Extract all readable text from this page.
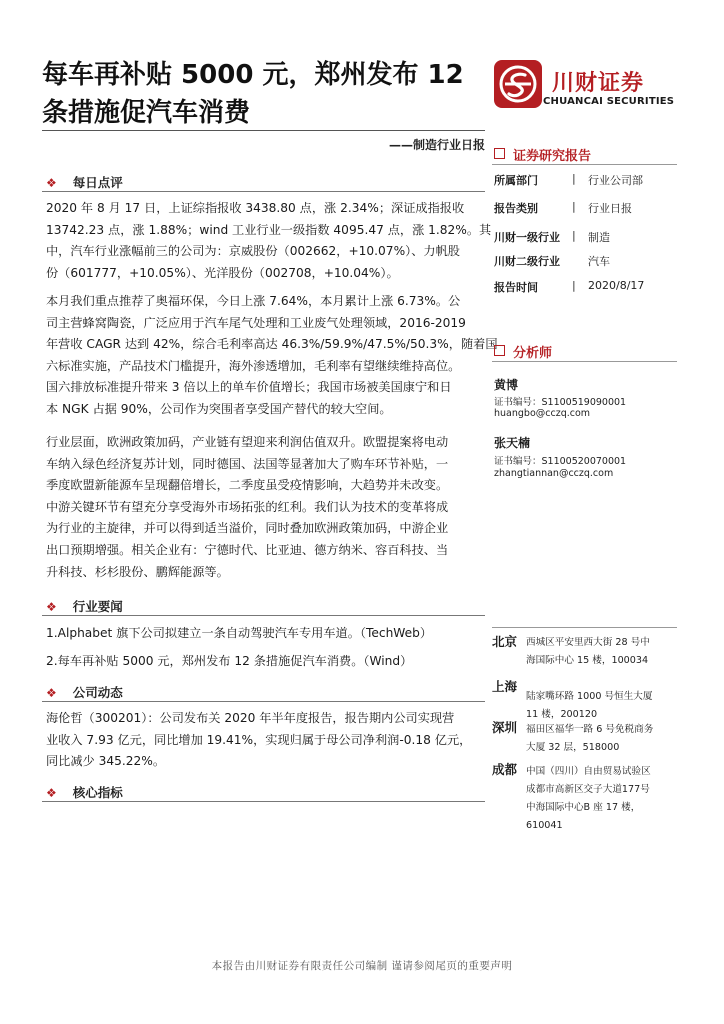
每车再补贴 5000 元，郑州发布 12
条措施促汽车消费
川财证券
CHUANCAI SECURITIES
——制造行业日报
❖ 每日点评
2020 年 8 月 17 日，上证综指报收 3438.80 点，涨 2.34%；深证成指报收
13742.23 点，涨 1.88%；wind 工业行业一级指数 4095.47 点，涨 1.82%。其
中，汽车行业涨幅前三的公司为：京威股份（002662，+10.07%）、力帆股
份（601777，+10.05%）、光洋股份（002708，+10.04%）。
本月我们重点推荐了奥福环保，今日上涨 7.64%，本月累计上涨 6.73%。公
司主营蜂窝陶瓷，广泛应用于汽车尾气处理和工业废气处理领域，2016-2019
年营收 CAGR 达到 42%，综合毛利率高达 46.3%/59.9%/47.5%/50.3%，随着国
六标准实施，产品技术门槛提升，海外渗透增加，毛利率有望继续维持高位。
国六排放标准提升带来 3 倍以上的单车价值增长；我国市场被美国康宁和日
本 NGK 占据 90%，公司作为突围者享受国产替代的较大空间。
行业层面，欧洲政策加码，产业链有望迎来利润估值双升。欧盟提案将电动
车纳入绿色经济复苏计划，同时德国、法国等显著加大了购车环节补贴，一
季度欧盟新能源车呈现翻倍增长，二季度虽受疫情影响，大趋势并未改变。
中游关键环节有望充分享受海外市场拓张的红利。我们认为技术的变革将成
为行业的主旋律，并可以得到适当溢价，同时叠加欧洲政策加码，中游企业
出口预期增强。相关企业有：宁德时代、比亚迪、德方纳米、容百科技、当
升科技、杉杉股份、鹏辉能源等。
❖ 行业要闻
1.Alphabet 旗下公司拟建立一条自动驾驶汽车专用车道。（TechWeb）
2.每车再补贴 5000 元，郑州发布 12 条措施促汽车消费。（Wind）
❖ 公司动态
海伦哲（300201）：公司发布关 2020 年半年度报告，报告期内公司实现营
业收入 7.93 亿元，同比增加 19.41%，实现归属于母公司净利润-0.18 亿元，
同比减少 345.22%。
❖ 核心指标
证券研究报告
所属部门	| 行业公司部
报告类别	| 行业日报
川财一级行业 | 制造
川财二级行业	汽车
报告时间	| 2020/8/17
分析师
黄博
证书编号：S1100519090001
huangbo@cczq.com
张天楠
证书编号：S1100520070001
zhangtiannan@cczq.com
北京 西城区平安里西大街 28 号中
海国际中心 15 楼，100034
上海
陆家嘴环路 1000 号恒生大厦
11 楼，200120
深圳 福田区福华一路 6 号免税商务
大厦 32 层，518000
成都 中国（四川）自由贸易试验区
成都市高新区交子大道177号
中海国际中心B 座 17 楼，
610041
本报告由川财证券有限责任公司编制 谨请参阅尾页的重要声明
